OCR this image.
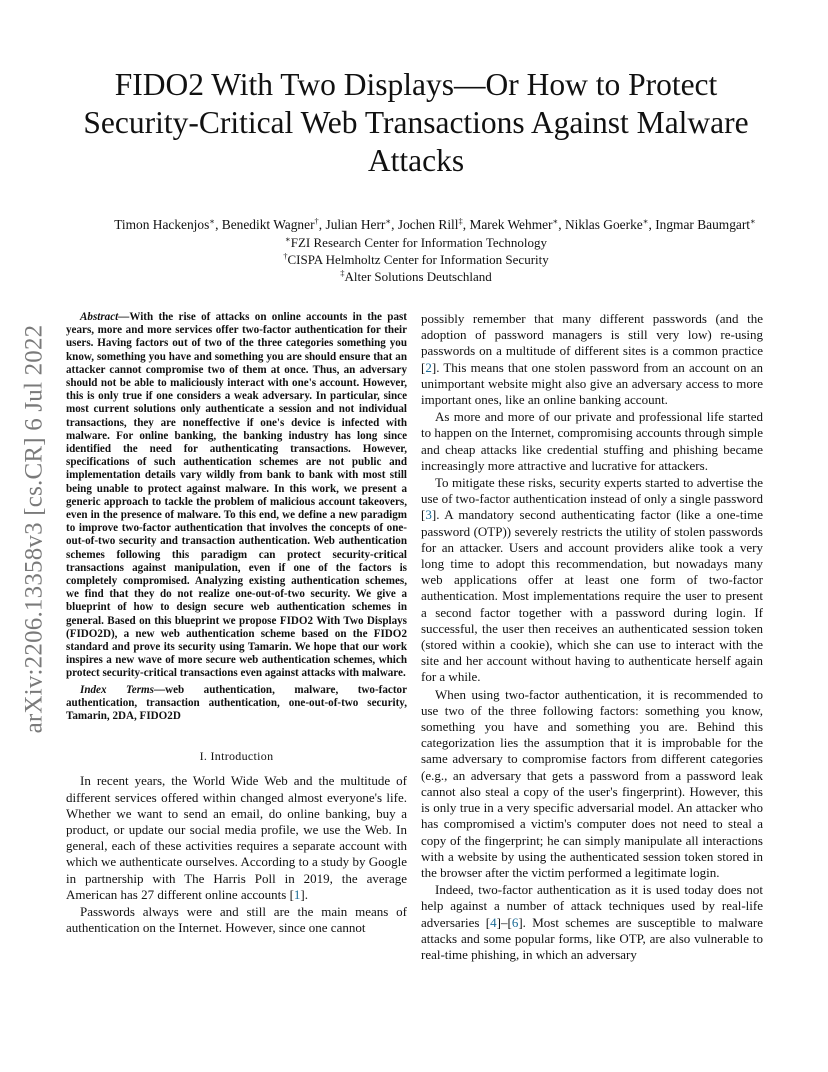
arXiv:2206.13358v3 [cs.CR] 6 Jul 2022
FIDO2 With Two Displays—Or How to Protect Security-Critical Web Transactions Against Malware Attacks
Timon Hackenjos∗, Benedikt Wagner†, Julian Herr∗, Jochen Rill‡, Marek Wehmer∗, Niklas Goerke∗, Ingmar Baumgart∗
∗FZI Research Center for Information Technology
†CISPA Helmholtz Center for Information Security
‡Alter Solutions Deutschland

Abstract—With the rise of attacks on online accounts in the past years, more and more services offer two-factor authentication for their users. Having factors out of two of the three categories something you know, something you have and something you are should ensure that an attacker cannot compromise two of them at once. Thus, an adversary should not be able to maliciously interact with one's account. However, this is only true if one considers a weak adversary. In particular, since most current solutions only authenticate a session and not individual transactions, they are noneffective if one's device is infected with malware. For online banking, the banking industry has long since identified the need for authenticating transactions. However, specifications of such authentication schemes are not public and implementation details vary wildly from bank to bank with most still being unable to protect against malware. In this work, we present a generic approach to tackle the problem of malicious account takeovers, even in the presence of malware. To this end, we define a new paradigm to improve two-factor authentication that involves the concepts of one-out-of-two security and transaction authentication. Web authentication schemes following this paradigm can protect security-critical transactions against manipulation, even if one of the factors is completely compromised. Analyzing existing authentication schemes, we find that they do not realize one-out-of-two security. We give a blueprint of how to design secure web authentication schemes in general. Based on this blueprint we propose FIDO2 With Two Displays (FIDO2D), a new web authentication scheme based on the FIDO2 standard and prove its security using Tamarin. We hope that our work inspires a new wave of more secure web authentication schemes, which protect security-critical transactions even against attacks with malware.

Index Terms—web authentication, malware, two-factor authentication, transaction authentication, one-out-of-two security, Tamarin, 2DA, FIDO2D

I. Introduction

In recent years, the World Wide Web and the multitude of different services offered within changed almost everyone's life. Whether we want to send an email, do online banking, buy a product, or update our social media profile, we use the Web. In general, each of these activities requires a separate account with which we authenticate ourselves. According to a study by Google in partnership with The Harris Poll in 2019, the average American has 27 different online accounts [1].

Passwords always were and still are the main means of authentication on the Internet. However, since one cannot

possibly remember that many different passwords (and the adoption of password managers is still very low) re-using passwords on a multitude of different sites is a common practice [2]. This means that one stolen password from an account on an unimportant website might also give an adversary access to more important ones, like an online banking account.

As more and more of our private and professional life started to happen on the Internet, compromising accounts through simple and cheap attacks like credential stuffing and phishing became increasingly more attractive and lucrative for attackers.

To mitigate these risks, security experts started to advertise the use of two-factor authentication instead of only a single password [3]. A mandatory second authenticating factor (like a one-time password (OTP)) severely restricts the utility of stolen passwords for an attacker. Users and account providers alike took a very long time to adopt this recommendation, but nowadays many web applications offer at least one form of two-factor authentication. Most implementations require the user to present a second factor together with a password during login. If successful, the user then receives an authenticated session token (stored within a cookie), which she can use to interact with the site and her account without having to authenticate herself again for a while.

When using two-factor authentication, it is recommended to use two of the three following factors: something you know, something you have and something you are. Behind this categorization lies the assumption that it is improbable for the same adversary to compromise factors from different categories (e.g., an adversary that gets a password from a password leak cannot also steal a copy of the user's fingerprint). However, this is only true in a very specific adversarial model. An attacker who has compromised a victim's computer does not need to steal a copy of the fingerprint; he can simply manipulate all interactions with a website by using the authenticated session token stored in the browser after the victim performed a legitimate login.

Indeed, two-factor authentication as it is used today does not help against a number of attack techniques used by real-life adversaries [4]–[6]. Most schemes are susceptible to malware attacks and some popular forms, like OTP, are also vulnerable to real-time phishing, in which an adversary
